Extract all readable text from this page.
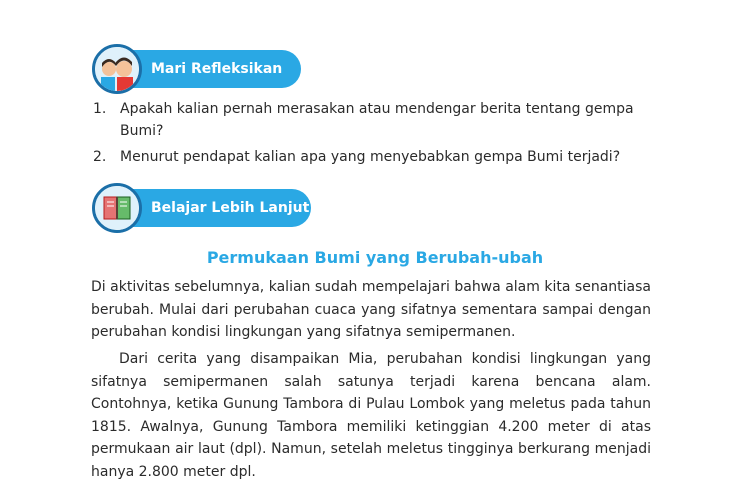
Mari Refleksikan
1. Apakah kalian pernah merasakan atau mendengar berita tentang gempa Bumi?
2. Menurut pendapat kalian apa yang menyebabkan gempa Bumi terjadi?
Belajar Lebih Lanjut
Permukaan Bumi yang Berubah-ubah

Di aktivitas sebelumnya, kalian sudah mempelajari bahwa alam kita senantiasa berubah. Mulai dari perubahan cuaca yang sifatnya sementara sampai dengan perubahan kondisi lingkungan yang sifatnya semipermanen.

Dari cerita yang disampaikan Mia, perubahan kondisi lingkungan yang sifatnya semipermanen salah satunya terjadi karena bencana alam. Contohnya, ketika Gunung Tambora di Pulau Lombok yang meletus pada tahun 1815. Awalnya, Gunung Tambora memiliki ketinggian 4.200 meter di atas permukaan air laut (dpl). Namun, setelah meletus tingginya berkurang menjadi hanya 2.800 meter dpl.
